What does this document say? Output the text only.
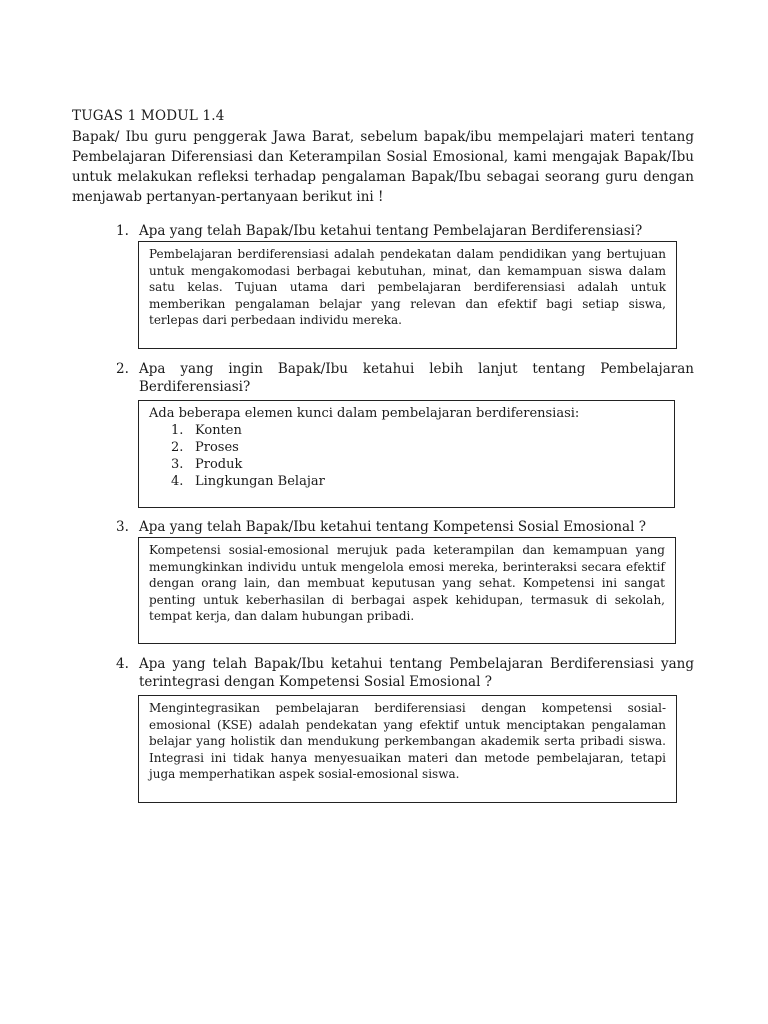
TUGAS 1 MODUL 1.4

Bapak/ Ibu guru penggerak Jawa Barat, sebelum bapak/ibu mempelajari materi tentang Pembelajaran Diferensiasi dan Keterampilan Sosial Emosional, kami mengajak Bapak/Ibu untuk melakukan refleksi terhadap pengalaman Bapak/Ibu sebagai seorang guru dengan menjawab pertanyan-pertanyaan berikut ini !

1. Apa yang telah Bapak/Ibu ketahui tentang Pembelajaran Berdiferensiasi?

Pembelajaran berdiferensiasi adalah pendekatan dalam pendidikan yang bertujuan untuk mengakomodasi berbagai kebutuhan, minat, dan kemampuan siswa dalam satu kelas. Tujuan utama dari pembelajaran berdiferensiasi adalah untuk memberikan pengalaman belajar yang relevan dan efektif bagi setiap siswa, terlepas dari perbedaan individu mereka.

2. Apa yang ingin Bapak/Ibu ketahui lebih lanjut tentang Pembelajaran Berdiferensiasi?

Ada beberapa elemen kunci dalam pembelajaran berdiferensiasi:

1. Konten
2. Proses
3. Produk
4. Lingkungan Belajar
3. Apa yang telah Bapak/Ibu ketahui tentang Kompetensi Sosial Emosional ?

Kompetensi sosial-emosional merujuk pada keterampilan dan kemampuan yang memungkinkan individu untuk mengelola emosi mereka, berinteraksi secara efektif dengan orang lain, dan membuat keputusan yang sehat. Kompetensi ini sangat penting untuk keberhasilan di berbagai aspek kehidupan, termasuk di sekolah, tempat kerja, dan dalam hubungan pribadi.

4. Apa yang telah Bapak/Ibu ketahui tentang Pembelajaran Berdiferensiasi yang terintegrasi dengan Kompetensi Sosial Emosional ?

Mengintegrasikan pembelajaran berdiferensiasi dengan kompetensi sosial-emosional (KSE) adalah pendekatan yang efektif untuk menciptakan pengalaman belajar yang holistik dan mendukung perkembangan akademik serta pribadi siswa. Integrasi ini tidak hanya menyesuaikan materi dan metode pembelajaran, tetapi juga memperhatikan aspek sosial-emosional siswa.
